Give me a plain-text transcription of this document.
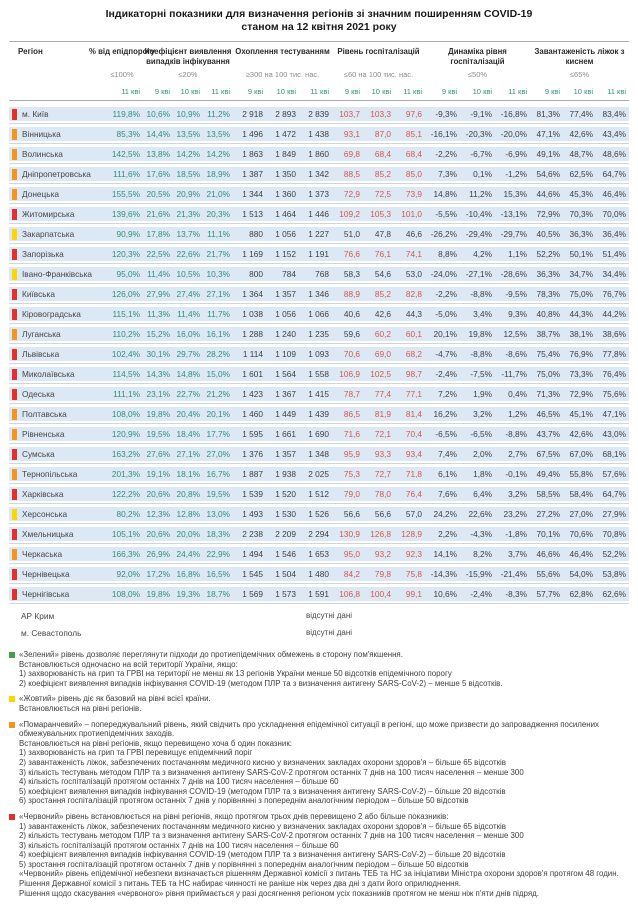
Індикаторні показники для визначення регіонів зі значним поширенням COVID-19
станом на 12 квітня 2021 року
Регіон	% від епідпорогу
Коефіцієнт виявлення випадків інфікування
Охоплення тестуванням Рівень госпіталізацій	Динаміка рівня госпіталізацій
Завантаженість ліжок з киснем
≤100%	≤20%	≥300 на 100 тис. нас.	≤60 на 100 тис. нас.	≤50%	≤65%
11 кві	9 кві	10 кві	11 кві	9 кві	10 кві	11 кві	9 кві	10 кві	11 кві	9 кві	10 кві	11 кві	9 кві	10 кві	11 кві
м. Київ	119,8% 10,6% 10,9% 11,2%	2 918	2 893	2 839	103,7	103,3	97,6	-9,3%	-9,1%	-16,8%	81,3%	77,4%	83,4%
Вінницька	85,3% 14,4% 13,5% 13,5%	1 496	1 472	1 438	93,1	87,0	85,1	-16,1%	-20,3%	-20,0%	47,1%	42,6%	43,4%
Волинська	142,5% 13,8% 14,2% 14,2%	1 863	1 849	1 860	69,8	68,4	68,4	-2,2%	-6,7%	-6,9%	49,1%	48,7%	48,6%
Дніпропетровська	111,6% 17,6% 18,5% 18,9%	1 387	1 350	1 342	88,5	85,2	85,0	7,3%	0,1%	-1,2%	54,6%	62,5%	64,7%
Донецька	155,5% 20,5% 20,9% 21,0%	1 344	1 360	1 373	72,9	72,5	73,9	14,8%	11,2%	15,3%	44,6%	45,3%	46,4%
Житомирська	139,6% 21,6% 21,3% 20,3%	1 513	1 464	1 446	109,2	105,3	101,0	-5,5%	-10,4%	-13,1%	72,9%	70,3%	70,0%
Закарпатська	90,9% 17,8% 13,7% 11,1%	880	1 056	1 227	51,0	47,8	46,6	-26,2%	-29,4%	-29,7%	40,5%	36,3%	36,4%
Запорізька	120,3% 22,5% 22,6% 21,7%	1 169	1 152	1 191	76,6	76,1	74,1	8,8%	4,2%	1,1%	52,2%	50,1%	51,4%
Івано-Франківська	95,0% 11,4% 10,5% 10,3%	800	784	768	58,3	54,6	53,0	-24,0%	-27,1%	-28,6%	36,3%	34,7%	34,4%
Київська	126,0% 27,9% 27,4% 27,1%	1 364	1 357	1 346	88,9	85,2	82,8	-2,2%	-8,8%	-9,5%	78,3%	75,0%	76,7%
Кіровоградська	115,1% 11,3% 11,4% 11,7%	1 038	1 056	1 066	40,6	42,6	44,3	-5,0%	3,4%	9,3%	40,8%	44,3%	44,2%
Луганська	110,2% 15,2% 16,0% 16,1%	1 288	1 240	1 235	59,6	60,2	60,1	20,1%	19,8%	12,5%	38,7%	38,1%	38,6%
Львівська	102,4% 30,1% 29,7% 28,2%	1 114	1 109	1 093	70,6	69,0	68,2	-4,7%	-8,8%	-8,6%	75,4%	76,9%	77,8%
Миколаївська	114,5% 14,3% 14,8% 15,0%	1 601	1 564	1 558	106,9	102,5	98,7	-2,4%	-7,5%	-11,7%	75,0%	73,3%	76,4%
Одеська	111,1% 23,1% 22,7% 21,2%	1 423	1 367	1 415	78,7	77,4	77,1	7,2%	1,9%	0,4%	71,3%	72,9%	75,6%
Полтавська	108,0% 19,8% 20,4% 20,1%	1 460	1 449	1 439	86,5	81,9	81,4	16,2%	3,2%	1,2%	46,5%	45,1%	47,1%
Рівненська	120,9% 19,5% 18,4% 17,7%	1 595	1 661	1 690	71,6	72,1	70,4	-6,5%	-6,5%	-8,8%	43,7%	42,6%	43,0%
Сумська	163,2% 27,6% 27,1% 27,0%	1 376	1 357	1 348	95,9	93,3	93,4	7,4%	2,0%	2,7%	67,5%	67,0%	68,1%
Тернопільська	201,3% 19,1% 18,1% 16,7%	1 887	1 938	2 025	75,3	72,7	71,8	6,1%	1,8%	-0,1%	49,4%	55,8%	57,6%
Харківська	122,2% 20,6% 20,8% 19,5%	1 539	1 520	1 512	79,0	78,0	76,4	7,6%	6,4%	3,2%	58,5%	58,4%	64,7%
Херсонська	80,2% 12,3% 12,8% 13,0%	1 493	1 530	1 526	56,6	56,6	57,0	24,2%	22,6%	23,2%	27,2%	27,0%	27,9%
Хмельницька	105,1% 20,6% 20,0% 18,3%	2 238	2 209	2 294	130,9	126,8	128,9	2,2%	-4,3%	-1,8%	70,1%	70,6%	70,8%
Черкаська	166,3% 26,9% 24,4% 22,9%	1 494	1 546	1 653	95,0	93,2	92,3	14,1%	8,2%	3,7%	46,6%	46,4%	52,2%
Чернівецька	92,0% 17,2% 16,8% 16,5%	1 545	1 504	1 480	84,2	79,8	75,8	-14,3%	-15,9%	-21,4%	55,6%	54,0%	53,8%
Чернігівська	108,0% 19,8% 19,3% 18,7%	1 569	1 573	1 591	106,8	100,4	99,1	10,6%	-2,4%	-8,3%	57,7%	62,8%	62,6%
АР Крим	відсутні дані
м. Севастополь	відсутні дані
«Зелений» рівень дозволяє переглянути підходи до протиепідемічних обмежень в сторону пом'якшення.
Встановлюється одночасно на всій території України, якщо:
1) захворюваність на грип та ГРВІ на території не менш як 13 регіонів України менше 50 відсотків епідемічного порогу
2) коефіцієнт виявлення випадків інфікування COVID-19 (методом ПЛР та з визначення антигену SARS-CoV-2) – менше 5 відсотків.
«Жовтий» рівень діє як базовий на рівні всієї країни.
Встановлюється на рівні регіонів.
«Помаранчевий» – попереджувальний рівень, який свідчить про ускладнення епідемічної ситуації в регіоні, що може призвести до запровадження посилених обмежувальних протиепідемічних заходів.
Встановлюється на рівні регіонів, якщо перевищено хоча б один показник:
1) захворюваність на грип та ГРВІ перевищує епідемічний поріг
2) завантаженість ліжок, забезпечених постачанням медичного кисню у визначених закладах охорони здоров'я – більше 65 відсотків
3) кількість тестувань методом ПЛР та з визначення антигену SARS-CoV-2 протягом останніх 7 днів на 100 тисяч населення – менше 300
4) кількість госпіталізацій протягом останніх 7 днів на 100 тисяч населення – більше 60
5) коефіцієнт виявлення випадків інфікування COVID-19 (методом ПЛР та з визначення антигену SARS-CoV-2) – більше 20 відсотків
6) зростання госпіталізацій протягом останніх 7 днів у порівнянні з попереднім аналогічним періодом – більше 50 відсотків
«Червоний» рівень встановлюється на рівні регіонів, якщо протягом трьох днів перевищено 2 або більше показників:
1) завантаженість ліжок, забезпечених постачанням медичного кисню у визначених закладах охорони здоров'я – більше 65 відсотків
2) кількість тестувань методом ПЛР та з визначення антигену SARS-CoV-2 протягом останніх 7 днів на 100 тисяч населення – менше 300
3) кількість госпіталізацій протягом останніх 7 днів на 100 тисяч населення – більше 60
4) коефіцієнт виявлення випадків інфікування COVID-19 (методом ПЛР та з визначення антигену SARS-CoV-2) – більше 20 відсотків
5) зростання госпіталізацій протягом останніх 7 днів у порівнянні з попереднім аналогічним періодом – більше 50 відсотків
«Червоний» рівень епідемічної небезпеки визначається рішенням Державної комісії з питань ТЕБ та НС за ініціативи Міністра охорони здоров'я протягом 48 годин.
Рішення Державної комісії з питань ТЕБ та НС набирає чинності не раніше ніж через два дні з дати його оприлюднення.
Рішення щодо скасування «червоного» рівня приймається у разі досягнення регіоном усіх показників протягом не менш ніж п'яти днів підряд.
